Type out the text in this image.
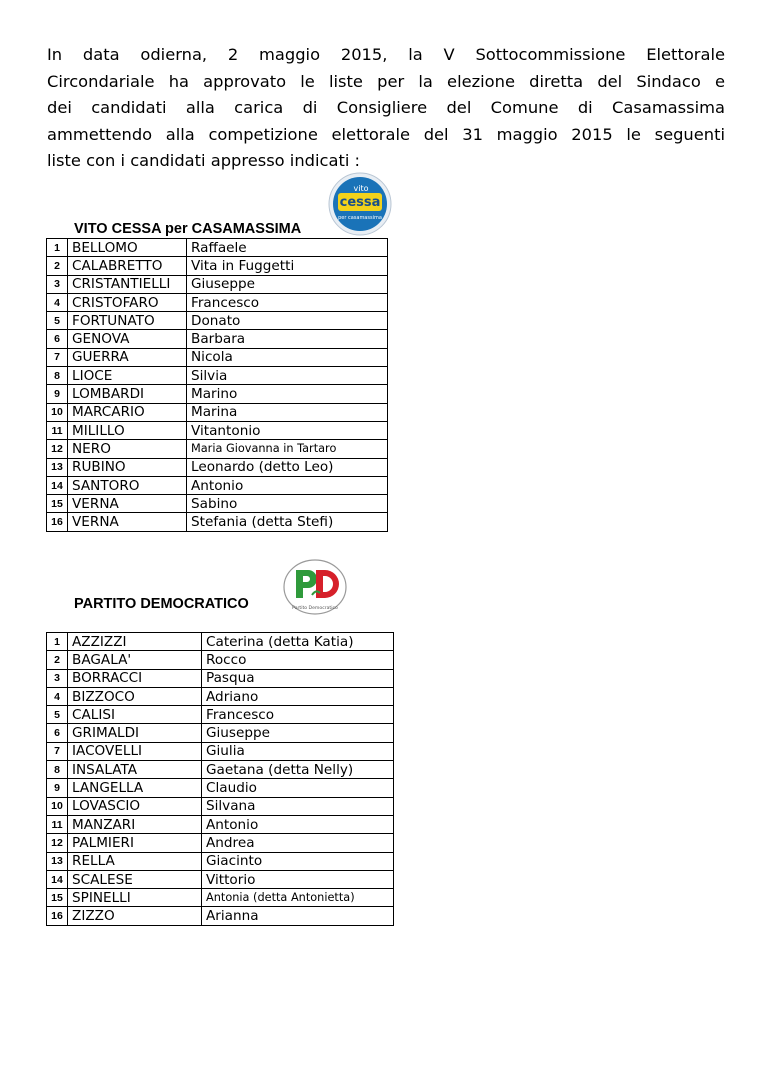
In data odierna, 2 maggio 2015, la V Sottocommissione Elettorale
Circondariale ha approvato le liste per la elezione diretta del Sindaco e
dei candidati alla carica di Consigliere del Comune di Casamassima
ammettendo alla competizione elettorale del 31 maggio 2015 le seguenti
liste con i candidati appresso indicati :
vito
cessa
per casamassima
VITO CESSA per CASAMASSIMA
1	BELLOMO	Raffaele
2	CALABRETTO	Vita in Fuggetti
3	CRISTANTIELLI	Giuseppe
4	CRISTOFARO	Francesco
5	FORTUNATO	Donato
6	GENOVA	Barbara
7	GUERRA	Nicola
8	LIOCE	Silvia
9	LOMBARDI	Marino
10	MARCARIO	Marina
11	MILILLO	Vitantonio
12	NERO	Maria Giovanna in Tartaro
13	RUBINO	Leonardo (detto Leo)
14	SANTORO	Antonio
15	VERNA	Sabino
16	VERNA	Stefania (detta Stefi)
Partito Democratico
PARTITO DEMOCRATICO
1	AZZIZZI	Caterina (detta Katia)
2	BAGALA'	Rocco
3	BORRACCI	Pasqua
4	BIZZOCO	Adriano
5	CALISI	Francesco
6	GRIMALDI	Giuseppe
7	IACOVELLI	Giulia
8	INSALATA	Gaetana (detta Nelly)
9	LANGELLA	Claudio
10	LOVASCIO	Silvana
11	MANZARI	Antonio
12	PALMIERI	Andrea
13	RELLA	Giacinto
14	SCALESE	Vittorio
15	SPINELLI	Antonia (detta Antonietta)
16	ZIZZO	Arianna
